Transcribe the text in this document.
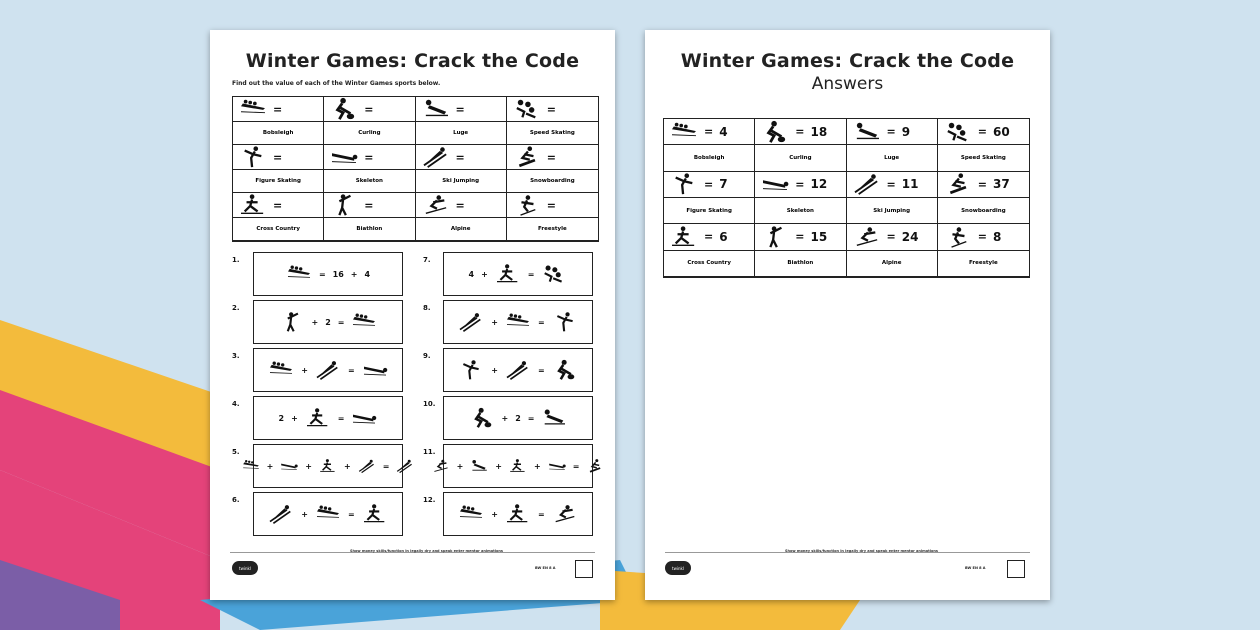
Winter Games: Crack the Code
Find out the value of each of the Winter Games sports below.
=	=	=	=
Bobsleigh	Curling	Luge	Speed Skating
=	=	=	=
Figure Skating	Skeleton	Ski Jumping	Snowboarding
=	=	=	=
Cross Country	Biathlon	Alpine	Freestyle
1.
= 16 + 4
2.
+ 2 =
3.
+	=
4.
2 +	=
5.
+	+	+	=
6.
+	=
7.
4 +	=
8.
+	=
9.
+	=
10.
+ 2 =
11.
+	+	+	=
12.
+	=
Show money skills/function in legally dry and speak enter mentor animations
twinkl	BW EN 8 A
Winter Games: Crack the Code
Answers
= 4	= 18	= 9	= 60
Bobsleigh	Curling	Luge	Speed Skating
= 7	= 12	= 11	= 37
Figure Skating	Skeleton	Ski Jumping	Snowboarding
= 6	= 15	= 24	= 8
Cross Country	Biathlon	Alpine	Freestyle
Show money skills/function in legally dry and speak enter mentor animations
twinkl	BW EN 8 A
